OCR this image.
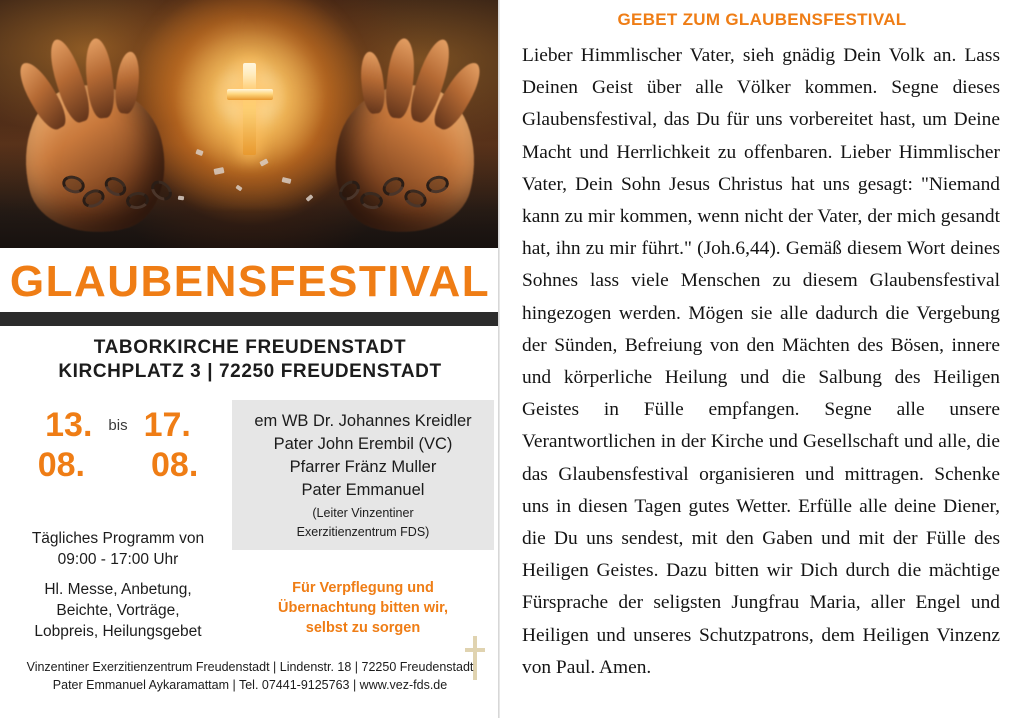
GLAUBENSFESTIVAL
TABORKIRCHE FREUDENSTADT
KIRCHPLATZ 3 | 72250 FREUDENSTADT
13. bis 17.
08. 08.
Tägliches Programm von
09:00 - 17:00 Uhr
Hl. Messe, Anbetung,
Beichte, Vorträge,
Lobpreis, Heilungsgebet
em WB Dr. Johannes Kreidler
Pater John Erembil (VC)
Pfarrer Fränz Muller
Pater Emmanuel
(Leiter Vinzentiner
Exerzitienzentrum FDS)
Für Verpflegung und
Übernachtung bitten wir,
selbst zu sorgen
Vinzentiner Exerzitienzentrum Freudenstadt | Lindenstr. 18 | 72250 Freudenstadt
Pater Emmanuel Aykaramattam | Tel. 07441-9125763 | www.vez-fds.de
GEBET ZUM GLAUBENSFESTIVAL
Lieber Himmlischer Vater, sieh gnädig Dein Volk an. Lass Deinen Geist über alle Völker kommen. Segne dieses Glaubensfestival, das Du für uns vorbereitet hast, um Deine Macht und Herrlichkeit zu offenbaren. Lieber Himmlischer Vater, Dein Sohn Jesus Christus hat uns gesagt: "Niemand kann zu mir kommen, wenn nicht der Vater, der mich gesandt hat, ihn zu mir führt." (Joh.6,44). Gemäß diesem Wort deines Sohnes lass viele Menschen zu diesem Glaubensfestival hingezogen werden. Mögen sie alle dadurch die Vergebung der Sünden, Befreiung von den Mächten des Bösen, innere und körperliche Heilung und die Salbung des Heiligen Geistes in Fülle empfangen. Segne alle unsere Verantwortlichen in der Kirche und Gesellschaft und alle, die das Glaubensfestival organisieren und mittragen. Schenke uns in diesen Tagen gutes Wetter. Erfülle alle deine Diener, die Du uns sendest, mit den Gaben und mit der Fülle des Heiligen Geistes. Dazu bitten wir Dich durch die mächtige Fürsprache der seligsten Jungfrau Maria, aller Engel und Heiligen und unseres Schutzpatrons, dem Heiligen Vinzenz von Paul. Amen.
